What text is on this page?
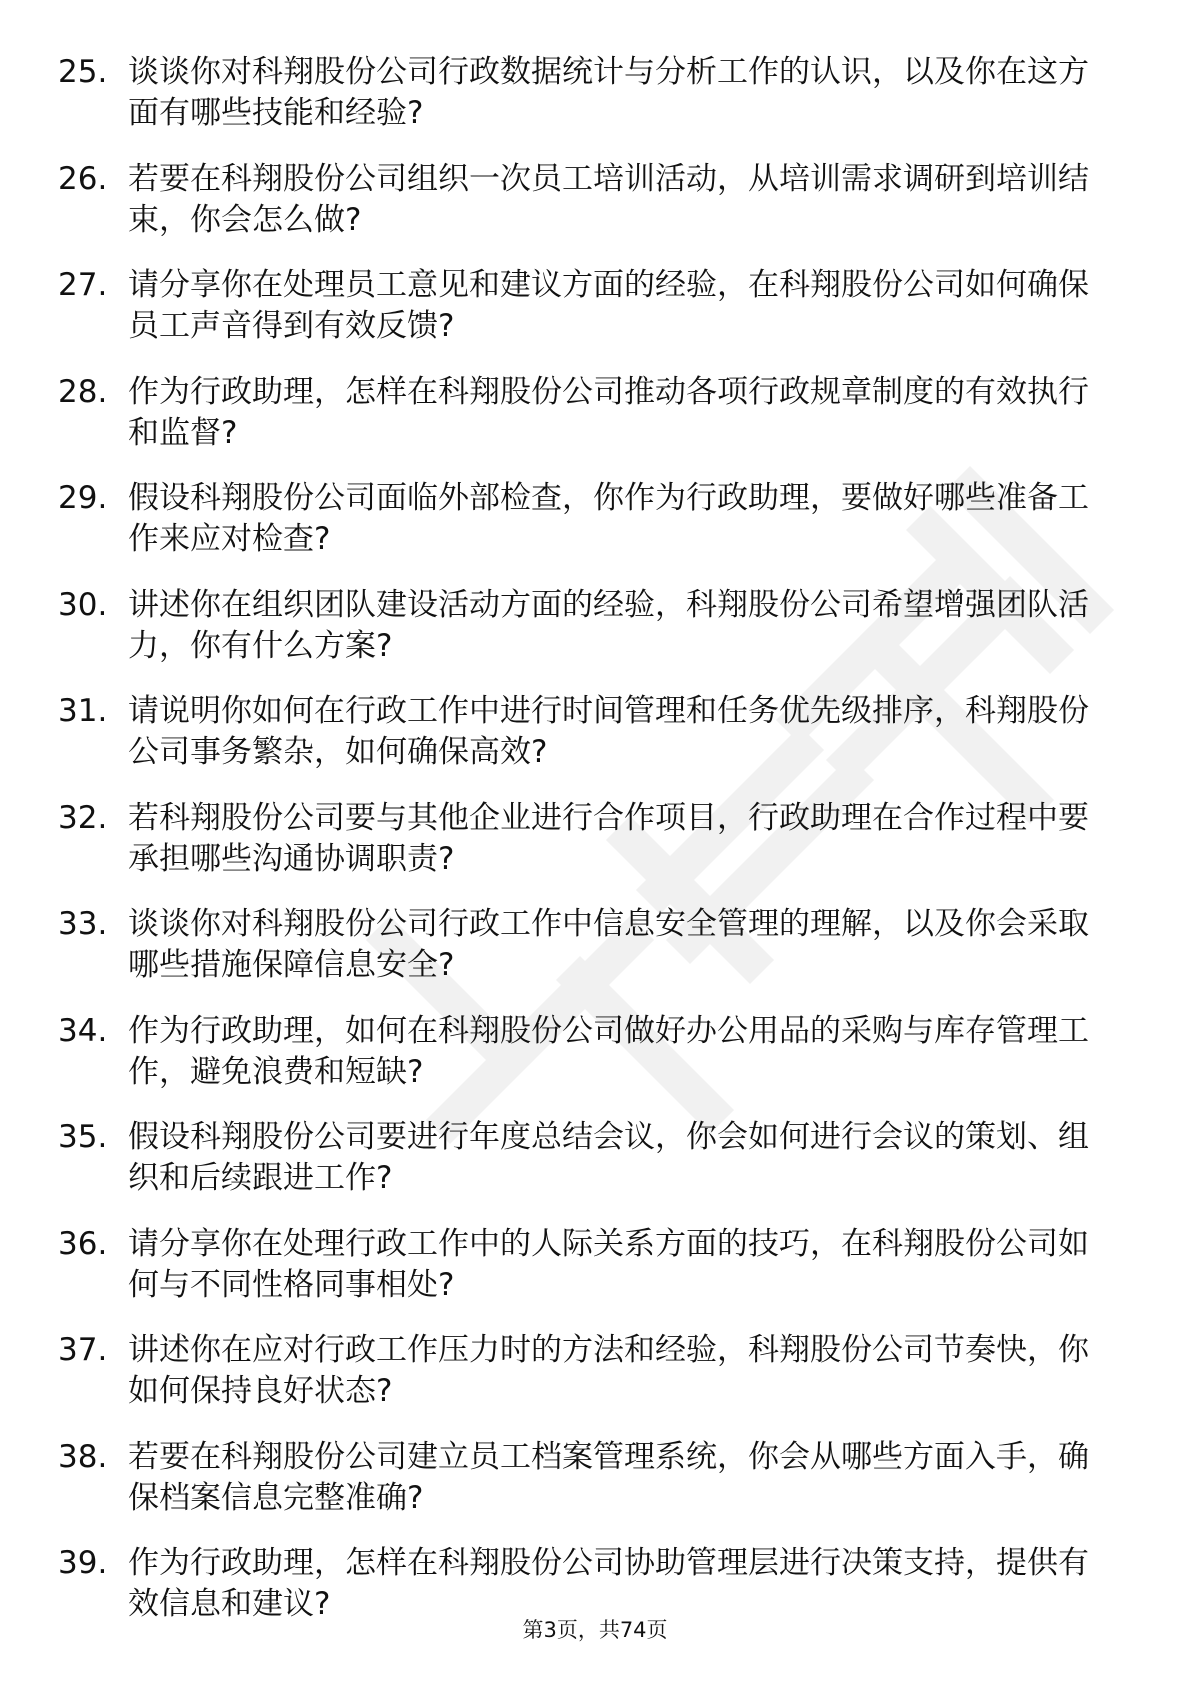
25. 谈谈你对科翔股份公司行政数据统计与分析工作的认识，以及你在这方面有哪些技能和经验?
26. 若要在科翔股份公司组织一次员工培训活动，从培训需求调研到培训结束，你会怎么做?
27. 请分享你在处理员工意见和建议方面的经验，在科翔股份公司如何确保员工声音得到有效反馈?
28. 作为行政助理，怎样在科翔股份公司推动各项行政规章制度的有效执行和监督?
29. 假设科翔股份公司面临外部检查，你作为行政助理，要做好哪些准备工作来应对检查?
30. 讲述你在组织团队建设活动方面的经验，科翔股份公司希望增强团队活力，你有什么方案?
31. 请说明你如何在行政工作中进行时间管理和任务优先级排序，科翔股份公司事务繁杂，如何确保高效?
32. 若科翔股份公司要与其他企业进行合作项目，行政助理在合作过程中要承担哪些沟通协调职责?
33. 谈谈你对科翔股份公司行政工作中信息安全管理的理解，以及你会采取哪些措施保障信息安全?
34. 作为行政助理，如何在科翔股份公司做好办公用品的采购与库存管理工作，避免浪费和短缺?
35. 假设科翔股份公司要进行年度总结会议，你会如何进行会议的策划、组织和后续跟进工作?
36. 请分享你在处理行政工作中的人际关系方面的技巧，在科翔股份公司如何与不同性格同事相处?
37. 讲述你在应对行政工作压力时的方法和经验，科翔股份公司节奏快，你如何保持良好状态?
38. 若要在科翔股份公司建立员工档案管理系统，你会从哪些方面入手，确保档案信息完整准确?
39. 作为行政助理，怎样在科翔股份公司协助管理层进行决策支持，提供有效信息和建议?
第3页，共74页
